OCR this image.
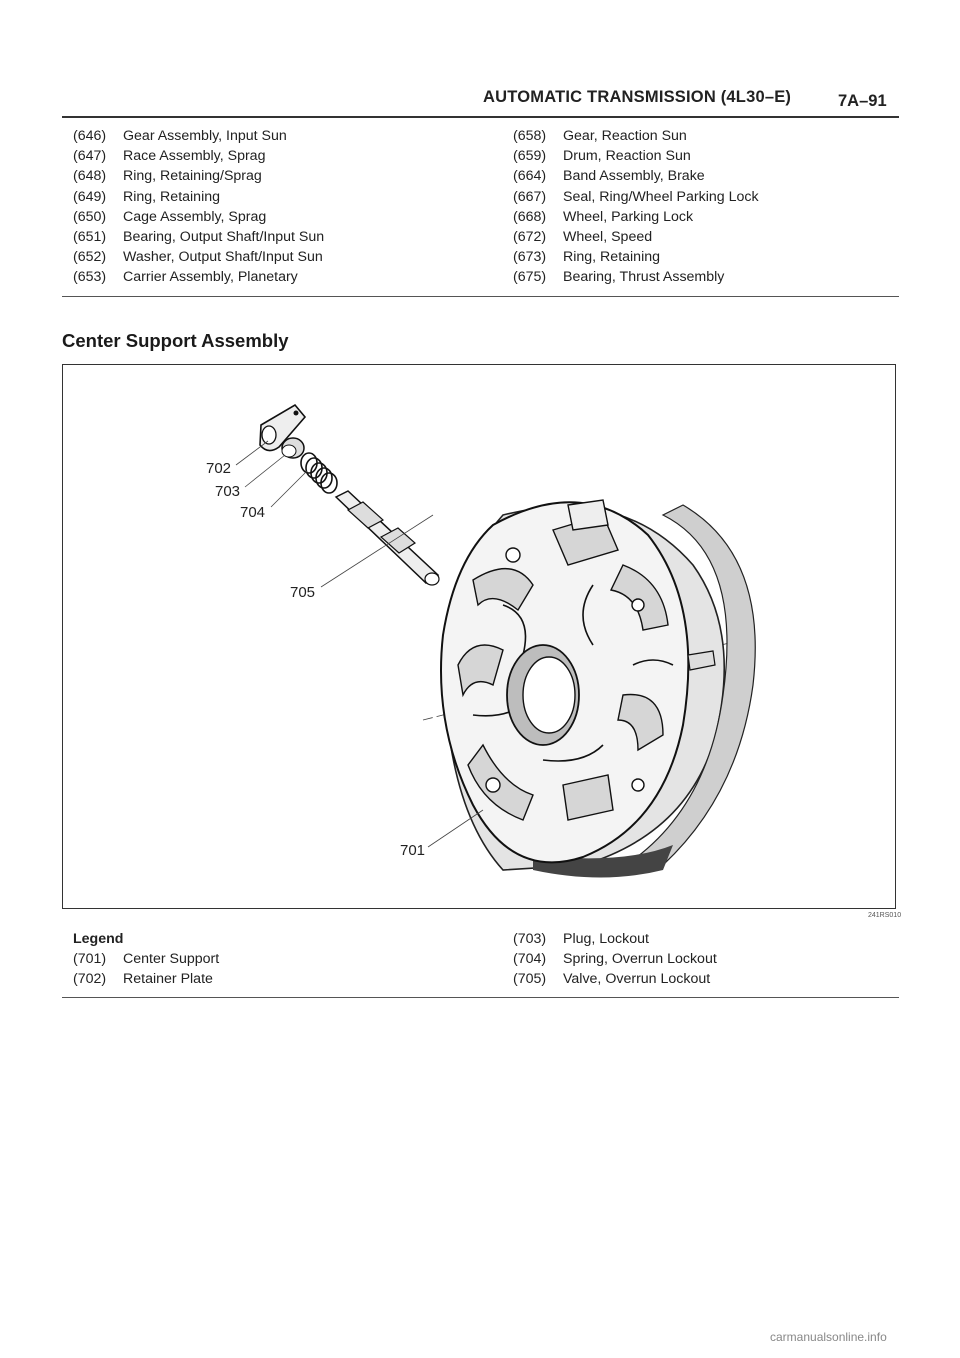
AUTOMATIC TRANSMISSION (4L30–E)	7A–91
(646)	Gear Assembly, Input Sun
(647)	Race Assembly, Sprag
(648)	Ring, Retaining/Sprag
(649)	Ring, Retaining
(650)	Cage Assembly, Sprag
(651)	Bearing, Output Shaft/Input Sun
(652)	Washer, Output Shaft/Input Sun
(653)	Carrier Assembly, Planetary
(658)	Gear, Reaction Sun
(659)	Drum, Reaction Sun
(664)	Band Assembly, Brake
(667)	Seal, Ring/Wheel Parking Lock
(668)	Wheel, Parking Lock
(672)	Wheel, Speed
(673)	Ring, Retaining
(675)	Bearing, Thrust Assembly
Center Support Assembly
702
703
704
705
701
241RS010
Legend
(701)	Center Support
(702)	Retainer Plate
(703)	Plug, Lockout
(704)	Spring, Overrun Lockout
(705)	Valve, Overrun Lockout
carmanualsonline.info
